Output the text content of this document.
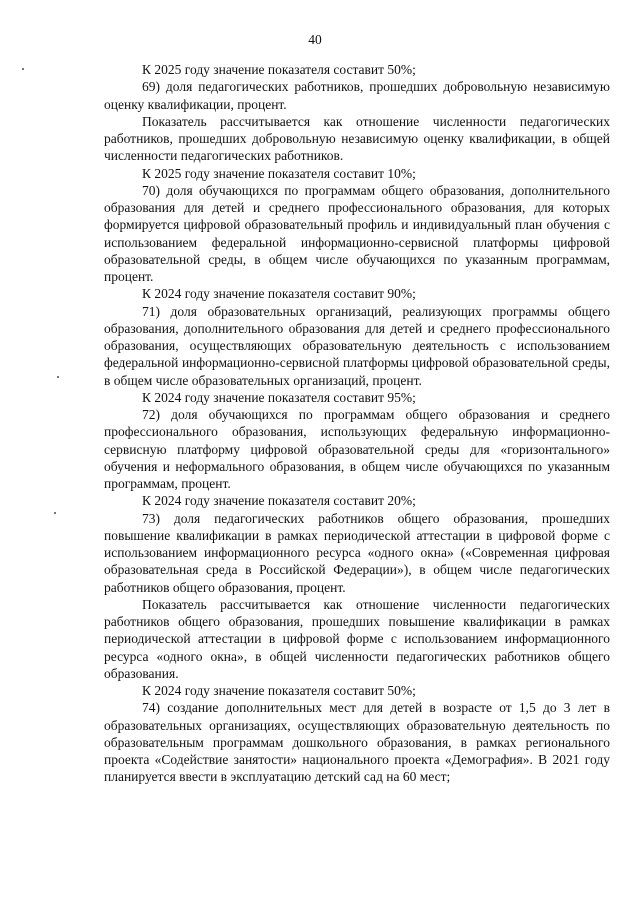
40

К 2025 году значение показателя составит 50%;

69) доля педагогических работников, прошедших добровольную независимую оценку квалификации, процент.

Показатель рассчитывается как отношение численности педагогических работников, прошедших добровольную независимую оценку квалификации, в общей численности педагогических работников.

К 2025 году значение показателя составит 10%;

70) доля обучающихся по программам общего образования, дополнительного образования для детей и среднего профессионального образования, для которых формируется цифровой образовательный профиль и индивидуальный план обучения с использованием федеральной информационно-сервисной платформы цифровой образовательной среды, в общем числе обучающихся по указанным программам, процент.

К 2024 году значение показателя составит 90%;

71) доля образовательных организаций, реализующих программы общего образования, дополнительного образования для детей и среднего профессионального образования, осуществляющих образовательную деятельность с использованием федеральной информационно-сервисной платформы цифровой образовательной среды, в общем числе образовательных организаций, процент.

К 2024 году значение показателя составит 95%;

72) доля обучающихся по программам общего образования и среднего профессионального образования, использующих федеральную информационно-сервисную платформу цифровой образовательной среды для «горизонтального» обучения и неформального образования, в общем числе обучающихся по указанным программам, процент.

К 2024 году значение показателя составит 20%;

73) доля педагогических работников общего образования, прошедших повышение квалификации в рамках периодической аттестации в цифровой форме с использованием информационного ресурса «одного окна» («Современная цифровая образовательная среда в Российской Федерации»), в общем числе педагогических работников общего образования, процент.

Показатель рассчитывается как отношение численности педагогических работников общего образования, прошедших повышение квалификации в рамках периодической аттестации в цифровой форме с использованием информационного ресурса «одного окна», в общей численности педагогических работников общего образования.

К 2024 году значение показателя составит 50%;

74) создание дополнительных мест для детей в возрасте от 1,5 до 3 лет в образовательных организациях, осуществляющих образовательную деятельность по образовательным программам дошкольного образования, в рамках регионального проекта «Содействие занятости» национального проекта «Демография». В 2021 году планируется ввести в эксплуатацию детский сад на 60 мест;
